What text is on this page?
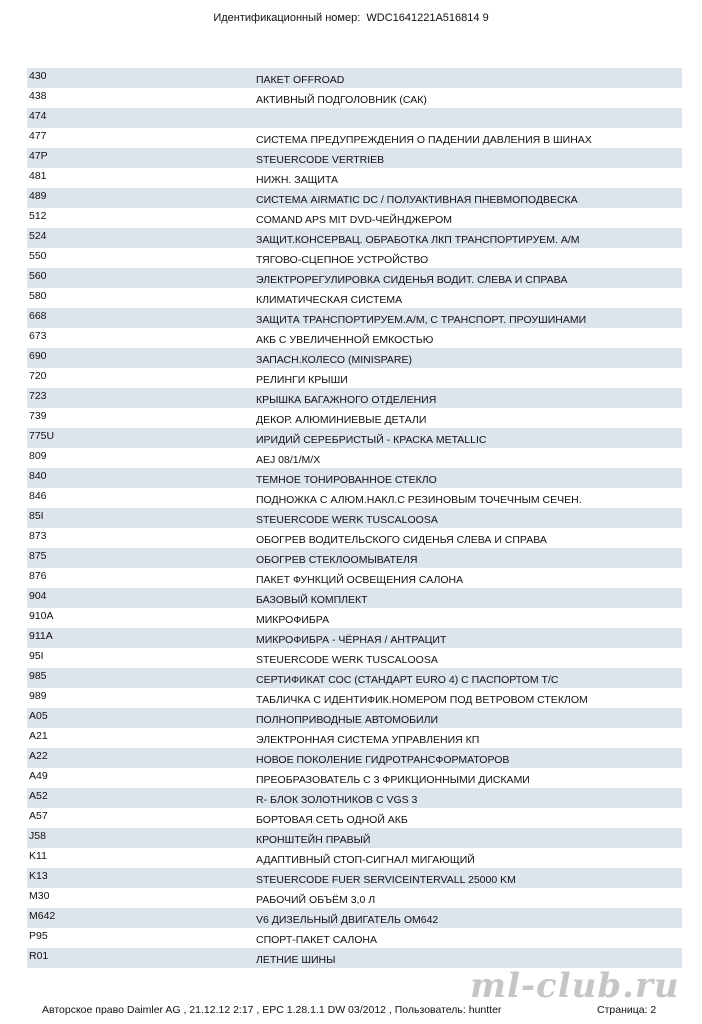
Идентификационный номер: WDC1641221A516814 9
430	ПАКЕТ OFFROAD
438	АКТИВНЫЙ ПОДГОЛОВНИК (САК)
474
477	СИСТЕМА ПРЕДУПРЕЖДЕНИЯ О ПАДЕНИИ ДАВЛЕНИЯ В ШИНАХ
47P	STEUERCODE VERTRIEB
481	НИЖН. ЗАЩИТА
489	СИСТЕМА AIRMATIC DC / ПОЛУАКТИВНАЯ ПНЕВМОПОДВЕСКА
512	COMAND APS MIT DVD-ЧЕЙНДЖЕРОМ
524	ЗАЩИТ.КОНСЕРВАЦ. ОБРАБОТКА ЛКП ТРАНСПОРТИРУЕМ. А/М
550	ТЯГОВО-СЦЕПНОЕ УСТРОЙСТВО
560	ЭЛЕКТРОРЕГУЛИРОВКА СИДЕНЬЯ ВОДИТ. СЛЕВА И СПРАВА
580	КЛИМАТИЧЕСКАЯ СИСТЕМА
668	ЗАЩИТА ТРАНСПОРТИРУЕМ.А/М, С ТРАНСПОРТ. ПРОУШИНАМИ
673	АКБ С УВЕЛИЧЕННОЙ ЕМКОСТЬЮ
690	ЗАПАСН.КОЛЕСО (MINISPARE)
720	РЕЛИНГИ КРЫШИ
723	КРЫШКА БАГАЖНОГО ОТДЕЛЕНИЯ
739	ДЕКОР. АЛЮМИНИЕВЫЕ ДЕТАЛИ
775U	ИРИДИЙ СЕРЕБРИСТЫЙ - КРАСКА METALLIC
809	AEJ 08/1/M/X
840	ТЕМНОЕ ТОНИРОВАННОЕ СТЕКЛО
846	ПОДНОЖКА С АЛЮМ.НАКЛ.С РЕЗИНОВЫМ ТОЧЕЧНЫМ СЕЧЕН.
85I	STEUERCODE WERK TUSCALOOSA
873	ОБОГРЕВ ВОДИТЕЛЬСКОГО СИДЕНЬЯ СЛЕВА И СПРАВА
875	ОБОГРЕВ СТЕКЛООМЫВАТЕЛЯ
876	ПАКЕТ ФУНКЦИЙ ОСВЕЩЕНИЯ САЛОНА
904	БАЗОВЫЙ КОМПЛЕКТ
910A	МИКРОФИБРА
911A	МИКРОФИБРА - ЧЁРНАЯ / АНТРАЦИТ
95I	STEUERCODE WERK TUSCALOOSA
985	СЕРТИФИКАТ СОС (СТАНДАРТ EURO 4) С ПАСПОРТОМ Т/С
989	ТАБЛИЧКА С ИДЕНТИФИК.НОМЕРОМ ПОД ВЕТРОВОМ СТЕКЛОМ
A05	ПОЛНОПРИВОДНЫЕ АВТОМОБИЛИ
A21	ЭЛЕКТРОННАЯ СИСТЕМА УПРАВЛЕНИЯ КП
A22	НОВОЕ ПОКОЛЕНИЕ ГИДРОТРАНСФОРМАТОРОВ
A49	ПРЕОБРАЗОВАТЕЛЬ С 3 ФРИКЦИОННЫМИ ДИСКАМИ
A52	R- БЛОК ЗОЛОТНИКОВ С VGS 3
A57	БОРТОВАЯ СЕТЬ ОДНОЙ АКБ
J58	КРОНШТЕЙН ПРАВЫЙ
K11	АДАПТИВНЫЙ СТОП-СИГНАЛ МИГАЮЩИЙ
K13	STEUERCODE FUER SERVICEINTERVALL 25000 KM
M30	РАБОЧИЙ ОБЪЁМ 3,0 Л
M642	V6 ДИЗЕЛЬНЫЙ ДВИГАТЕЛЬ ОМ642
P95	СПОРТ-ПАКЕТ САЛОНА
R01	ЛЕТНИЕ ШИНЫ
Авторское право Daimler AG , 21.12.12 2:17 , EPC 1.28.1.1 DW 03/2012 , Пользователь: huntter	Страница: 2
ml-club.ru
